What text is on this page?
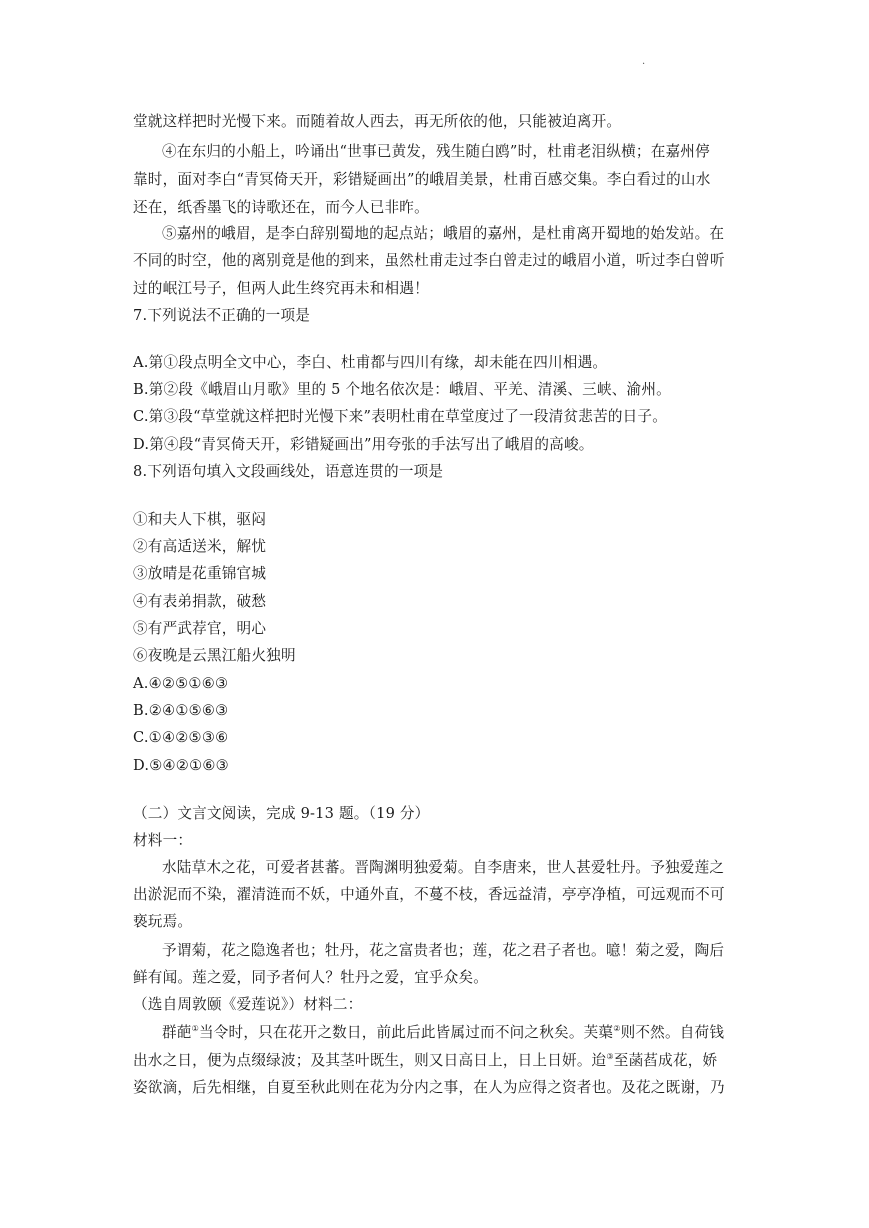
.
堂就这样把时光慢下来。而随着故人西去，再无所依的他，只能被迫离开。
④在东归的小船上，吟诵出“世事已黄发，残生随白鸥”时，杜甫老泪纵横；在嘉州停
靠时，面对李白“青冥倚天开，彩错疑画出”的峨眉美景，杜甫百感交集。李白看过的山水
还在，纸香墨飞的诗歌还在，而今人已非昨。
⑤嘉州的峨眉，是李白辞别蜀地的起点站；峨眉的嘉州，是杜甫离开蜀地的始发站。在
不同的时空，他的离别竟是他的到来，虽然杜甫走过李白曾走过的峨眉小道，听过李白曾听
过的岷江号子，但两人此生终究再未和相遇！
7.下列说法不正确的一项是
A.第①段点明全文中心，李白、杜甫都与四川有缘，却未能在四川相遇。
B.第②段《峨眉山月歌》里的 5 个地名依次是：峨眉、平羌、清溪、三峡、渝州。
C.第③段“草堂就这样把时光慢下来”表明杜甫在草堂度过了一段清贫悲苦的日子。
D.第④段“青冥倚天开，彩错疑画出”用夸张的手法写出了峨眉的高峻。
8.下列语句填入文段画线处，语意连贯的一项是
①和夫人下棋，驱闷
②有高适送米，解忧
③放晴是花重锦官城
④有表弟捐款，破愁
⑤有严武荐官，明心
⑥夜晚是云黑江船火独明
A.④②⑤①⑥③
B.②④①⑤⑥③
C.①④②⑤③⑥
D.⑤④②①⑥③
（二）文言文阅读，完成 9-13 题。（19 分）
材料一：
水陆草木之花，可爱者甚蕃。晋陶渊明独爱菊。自李唐来，世人甚爱牡丹。予独爱莲之
出淤泥而不染，濯清涟而不妖，中通外直，不蔓不枝，香远益清，亭亭净植，可远观而不可
亵玩焉。
予谓菊，花之隐逸者也；牡丹，花之富贵者也；莲，花之君子者也。噫！菊之爱，陶后
鲜有闻。莲之爱，同予者何人？牡丹之爱，宜乎众矣。
（选自周敦颐《爱莲说》）材料二：
群葩①当令时，只在花开之数日，前此后此皆属过而不问之秋矣。芙蕖②则不然。自荷钱
出水之日，便为点缀绿波；及其茎叶既生，则又日高日上，日上日妍。迨③至菡萏成花，娇
姿欲滴，后先相继，自夏至秋此则在花为分内之事，在人为应得之资者也。及花之既谢，乃
